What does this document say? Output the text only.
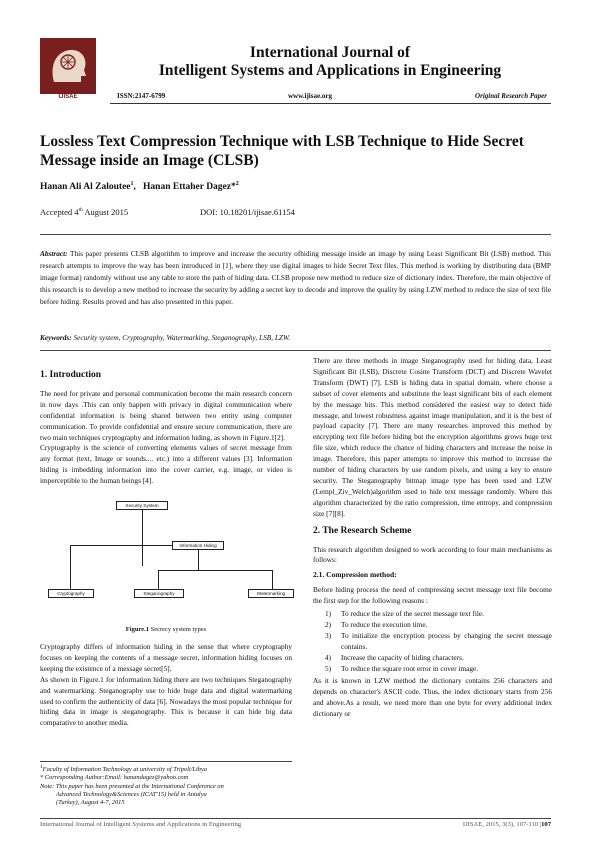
IJISAE
International Journal of
Intelligent Systems and Applications in Engineering
ISSN:2147-6799	www.ijisae.org	Original Research Paper
Lossless Text Compression Technique with LSB Technique to Hide Secret Message inside an Image (CLSB)
Hanan Ali Al Zaloutee$^1$,   Hanan Ettaher Dagez*$^2$
Accepted 4th August 2015	DOI: 10.18201/ijisae.61154
Abstract: This paper presents CLSB algorithm to improve and increase the security ofhiding message inside an image by using Least Significant Bit (LSB) method. This research attempts to improve the way has been introduced in [1], where they use digital images to hide Secret Text files. This method is working by distributing data (BMP image format) randomly without use any table to store the path of hiding data. CLSB propose new method to reduce size of dictionary index. Therefore, the main objective of this research is to develop a new method to increase the security by adding a secret key to decode and improve the quality by using LZW method to reduce the size of text file before hiding. Results proved and has also presented in this paper.
Keywords: Security system, Cryptography, Watermarking, Steganography, LSB, LZW.
1. Introduction
The need for private and personal communication become the main research concern in now days .This can only happen with privacy in digital communication where confidential information is being shared between two entity using computer communication. To provide confidential and ensure secure communication, there are two main techniques cryptography and information hiding, as shown in Figure.1[2].
Cryptography is the science of converting elements values of secret message from any format (text, Image or sounds.... etc.) into a different values [3]. Information hiding is imbedding information into the cover carrier, e.g. image, or video is imperceptible to the human beings [4].
Security System
Information Hiding
Cryptography	Steganography	Watermarking
Figure.1 Secrecy system types
Cryptography differs of information hiding in the sense that where cryptography focuses on keeping the contents of a message secret, information hiding focuses on keeping the existence of a message secret[5].
As shown in Figure.1 for information hiding there are two techniques Steganography and watermarking. Steganography use to hide huge data and digital watermarking used to confirm the authenticity of data [6]. Nowadays the most popular technique for hiding data in image is steganography. This is because it can hide big data comparative to another media.
$^1$Faculty of Information Technology at university of Tripoli/Libya
* Corresponding Author:Email: hanandagez@yahoo.com
Note: This paper has been presented at the International Conference on
Advanced Technology&Sciences (ICAT'15) held in Antalya
(Turkey), August 4-7, 2015
There are three methods in image Steganography used for hiding data, Least Significant Bit (LSB), Discrete Cosine Transform (DCT) and Discrete Wavelet Transform (DWT) [7]. LSB is hiding data in spatial domain, where choose a subset of cover elements and substitute the least significant bits of each element by the message bits. This method considered the easiest way to detect hide message, and lowest robustness against image manipulation, and it is the best of payload capacity [7]. There are many researches improved this method by encrypting text file before hiding but the encryption algorithms grows huge text file size, which reduce the chance of hiding characters and increase the noise in image. Therefore, this paper attempts to improve this method to increase the number of hiding characters by use random pixels, and using a key to ensure security. The Steganography bitmap image type has been used and LZW (Lempl_Ziv_Welch)algorithm used to hide text message randomly. Where this algorithm characterized by the ratio compression, time entropy, and compression size [7][8].
2. The Research Scheme
This research algorithm designed to work according to four main mechanisms as follows:
2.1. Compression method:
Before hiding process the need of compressing secret message text file become the first step for the following reasons :
1)	To reduce the size of the secret message text file.
2)	To reduce the execution time.
3)	To initialize the encryption process by changing the secret message contains.
4)	Increase the capacity of hiding characters.
5)	To reduce the square root error in cover image.
As it is known in LZW method the dictionary contains 256 characters and depends on character's ASCII code. Thus, the index dictionary starts from 256 and above.As a result, we need more than one byte for every additional index dictionary or
International Journal of Intelligent Systems and Applications in Engineering	IJISAE, 2015, 3(3), 107-110 |107
